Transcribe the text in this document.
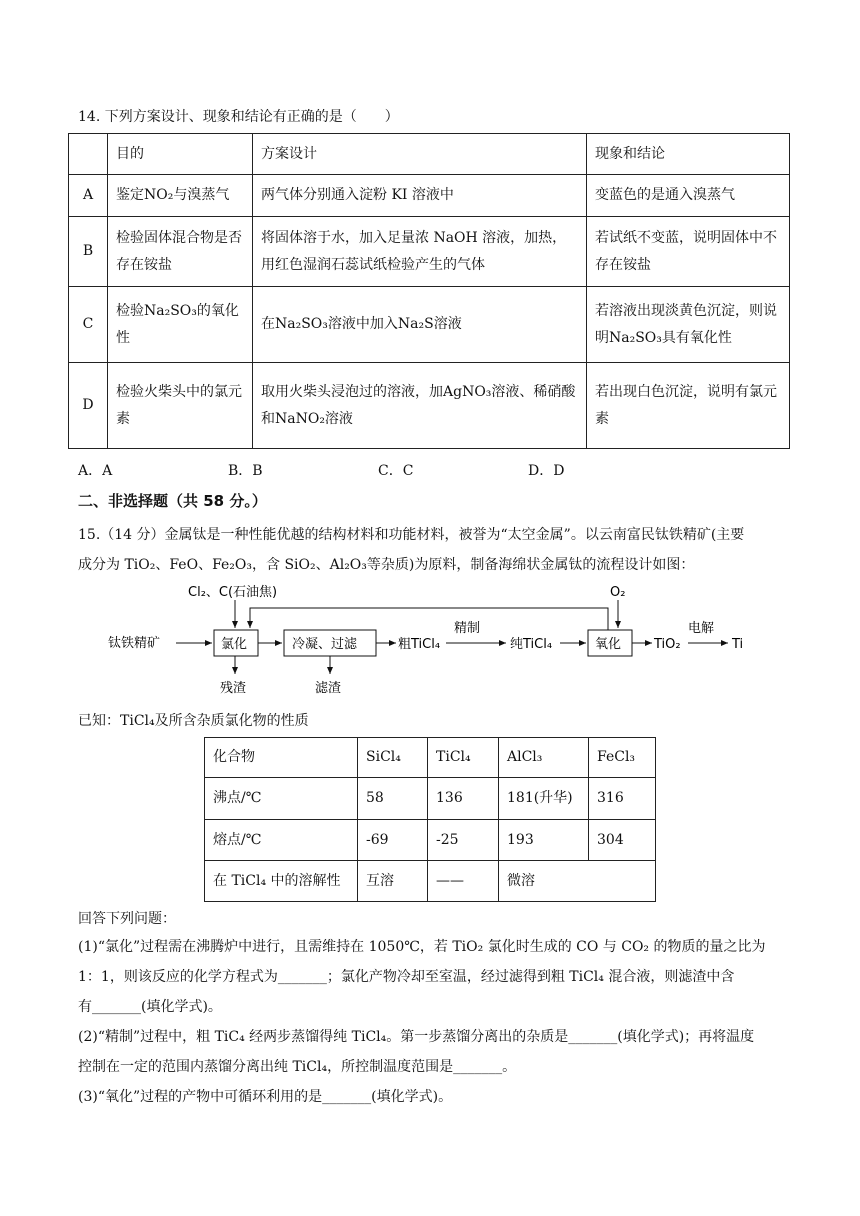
14. 下列方案设计、现象和结论有正确的是（　　）
	目的	方案设计	现象和结论
A	鉴定NO₂与溴蒸气	两气体分别通入淀粉 KI 溶液中	变蓝色的是通入溴蒸气
B	检验固体混合物是否存在铵盐	将固体溶于水，加入足量浓 NaOH 溶液，加热，用红色湿润石蕊试纸检验产生的气体	若试纸不变蓝，说明固体中不存在铵盐
C	检验Na₂SO₃的氧化性	在Na₂SO₃溶液中加入Na₂S溶液	若溶液出现淡黄色沉淀，则说明Na₂SO₃具有氧化性
D	检验火柴头中的氯元素	取用火柴头浸泡过的溶液，加AgNO₃溶液、稀硝酸和NaNO₂溶液	若出现白色沉淀，说明有氯元素
A．A	B．B	C．C	D．D
二、非选择题（共 58 分。）
15.（14 分）金属钛是一种性能优越的结构材料和功能材料，被誉为“太空金属”。以云南富民钛铁精矿(主要
成分为 TiO₂、FeO、Fe₂O₃，含 SiO₂、Al₂O₃等杂质)为原料，制备海绵状金属钛的流程设计如图：
钛铁精矿
Cl₂、C(石油焦)
氯化	冷凝、过滤	粗TiCl₄
精制
纯TiCl₄
O₂
氧化	TiO₂
电解
Ti
残渣	滤渣
已知：TiCl₄及所含杂质氯化物的性质
化合物	SiCl₄	TiCl₄	AlCl₃	FeCl₃
沸点/℃	58	136	181(升华)	316
熔点/℃	-69	-25	193	304
在 TiCl₄ 中的溶解性	互溶	——	微溶	
回答下列问题：
(1)“氯化”过程需在沸腾炉中进行，且需维持在 1050℃，若 TiO₂ 氯化时生成的 CO 与 CO₂ 的物质的量之比为
1：1，则该反应的化学方程式为_______；氯化产物冷却至室温，经过滤得到粗 TiCl₄ 混合液，则滤渣中含
有_______(填化学式)。
(2)“精制”过程中，粗 TiC₄ 经两步蒸馏得纯 TiCl₄。第一步蒸馏分离出的杂质是_______(填化学式)；再将温度
控制在一定的范围内蒸馏分离出纯 TiCl₄，所控制温度范围是_______。
(3)“氧化”过程的产物中可循环利用的是_______(填化学式)。
